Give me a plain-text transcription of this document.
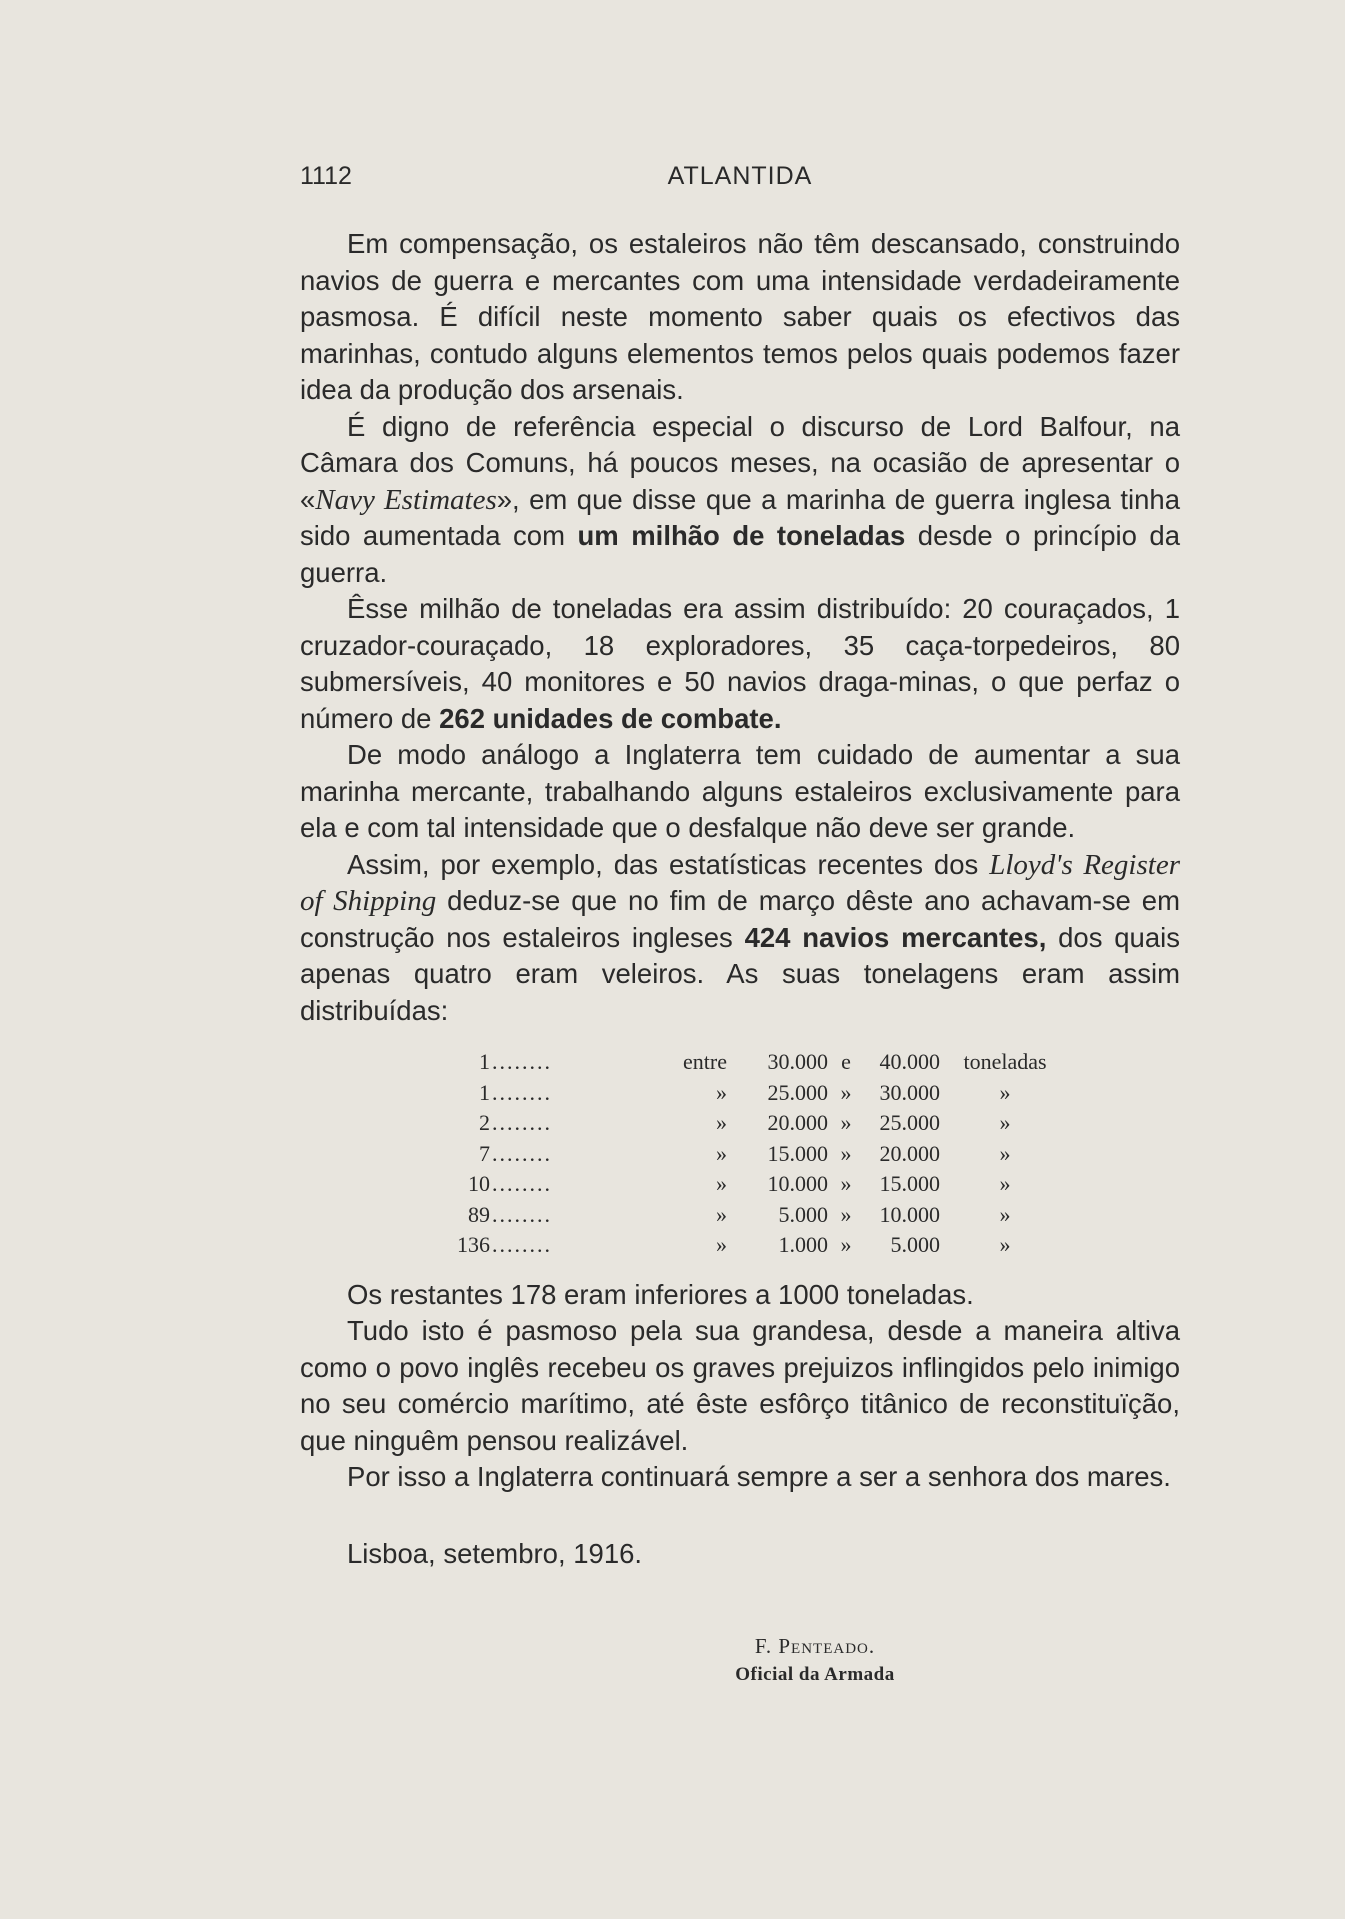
1112	ATLANTIDA

Em compensação, os estaleiros não têm descansado, construindo navios de guerra e mercantes com uma intensidade verdadeiramente pasmosa. É difícil neste momento saber quais os efectivos das marinhas, contudo alguns elementos temos pelos quais podemos fazer idea da produção dos arsenais.

É digno de referência especial o discurso de Lord Balfour, na Câmara dos Comuns, há poucos meses, na ocasião de apresentar o «Navy Estimates», em que disse que a marinha de guerra inglesa tinha sido aumentada com um milhão de toneladas desde o princípio da guerra.

Êsse milhão de toneladas era assim distribuído: 20 couraçados, 1 cruzador-couraçado, 18 exploradores, 35 caça-torpedeiros, 80 submersíveis, 40 monitores e 50 navios draga-minas, o que perfaz o número de 262 unidades de combate.

De modo análogo a Inglaterra tem cuidado de aumentar a sua marinha mercante, trabalhando alguns estaleiros exclusivamente para ela e com tal intensidade que o desfalque não deve ser grande.

Assim, por exemplo, das estatísticas recentes dos Lloyd's Register of Shipping deduz-se que no fim de março dêste ano achavam-se em construção nos estaleiros ingleses 424 navios mercantes, dos quais apenas quatro eram veleiros. As suas tonelagens eram assim distribuídas:

1 ........	entre	30.000 e	40.000	toneladas
1 ........	»	25.000 »	30.000	»
2 ........	»	20.000 »	25.000	»
7 ........	»	15.000 »	20.000	»
10 ........	»	10.000 »	15.000	»
89 ........	»	5.000 »	10.000	»
136 ........	»	1.000 »	5.000	»

Os restantes 178 eram inferiores a 1000 toneladas.

Tudo isto é pasmoso pela sua grandesa, desde a maneira altiva como o povo inglês recebeu os graves prejuizos inflingidos pelo inimigo no seu comércio marítimo, até êste esfôrço titânico de reconstituïção, que ninguêm pensou realizável.

Por isso a Inglaterra continuará sempre a ser a senhora dos mares.

Lisboa, setembro, 1916.
F. Penteado.
Oficial da Armada
